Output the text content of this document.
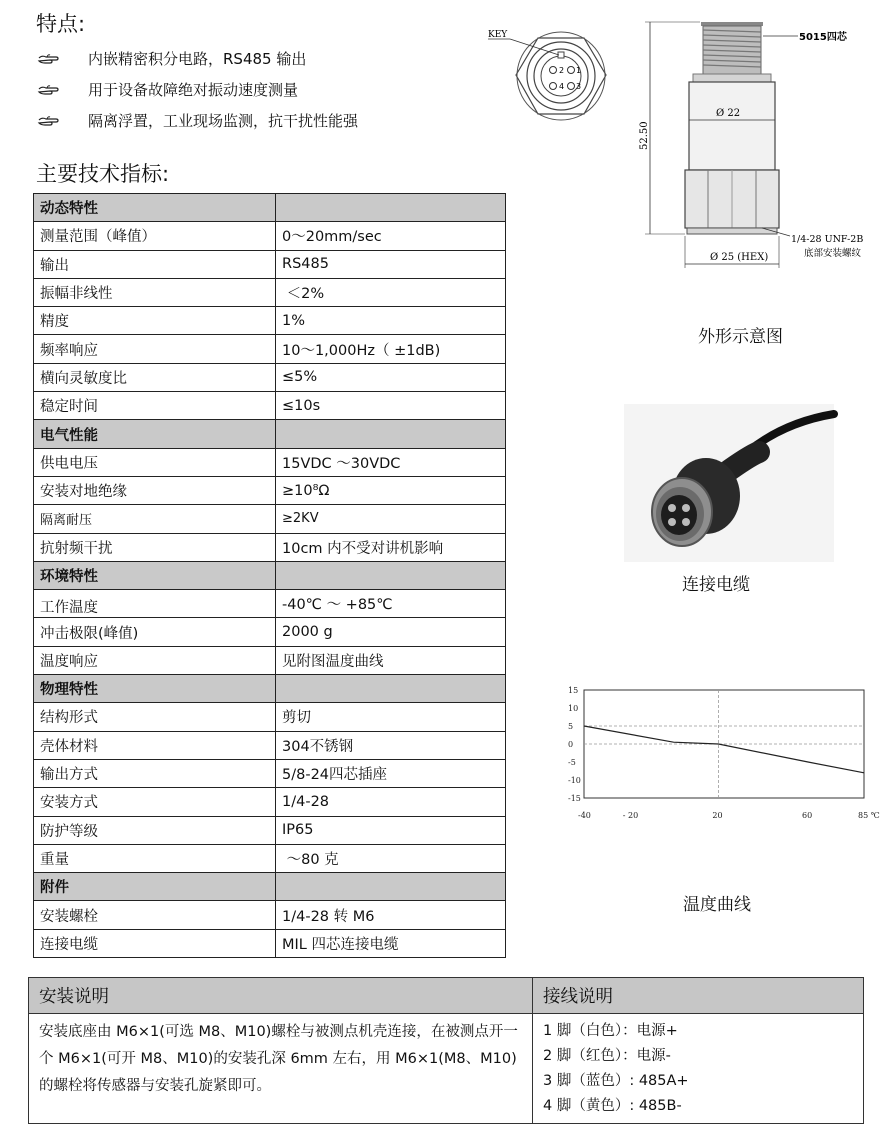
特点:
内嵌精密积分电路，RS485 输出
用于设备故障绝对振动速度测量
隔离浮置，工业现场监测，抗干扰性能强
主要技术指标:
动态特性	
测量范围（峰值）	0～20mm/sec
输出	RS485
振幅非线性	＜2%
精度	1%
频率响应	10～1,000Hz（ ±1dB)
横向灵敏度比	≤5%
稳定时间	≤10s
电气性能	
供电电压	15VDC ～30VDC
安装对地绝缘	≥10⁸Ω
隔离耐压	≥2KV
抗射频干扰	10cm 内不受对讲机影响
环境特性	
工作温度	-40℃ ～ +85℃
冲击极限(峰值)	2000 g
温度响应	见附图温度曲线
物理特性	
结构形式	剪切
壳体材料	304不锈钢
输出方式	5/8-24四芯插座
安装方式	1/4-28
防护等级	IP65
重量	～80 克
附件	
安装螺栓	1/4-28 转 M6
连接电缆	MIL 四芯连接电缆
2 1
4 3
KEY
52.50
Ø 22
Ø 25 (HEX)
5015四芯
1/4-28 UNF-2B
底部安装螺纹
外形示意图
连接电缆
15
10
5
0
-5
-10
-15
-40	- 20	20	60	85 ℃
温度曲线
安装说明	接线说明
安装底座由 M6×1(可选 M8、M10)螺栓与被测点机壳连接，在被测点开一个 M6×1(可开 M8、M10)的安装孔深 6mm 左右，用 M6×1(M8、M10)的螺栓将传感器与安装孔旋紧即可。	1 脚（白色）：电源+
2 脚（红色）：电源-
3 脚（蓝色）: 485A+
4 脚（黄色）: 485B-
